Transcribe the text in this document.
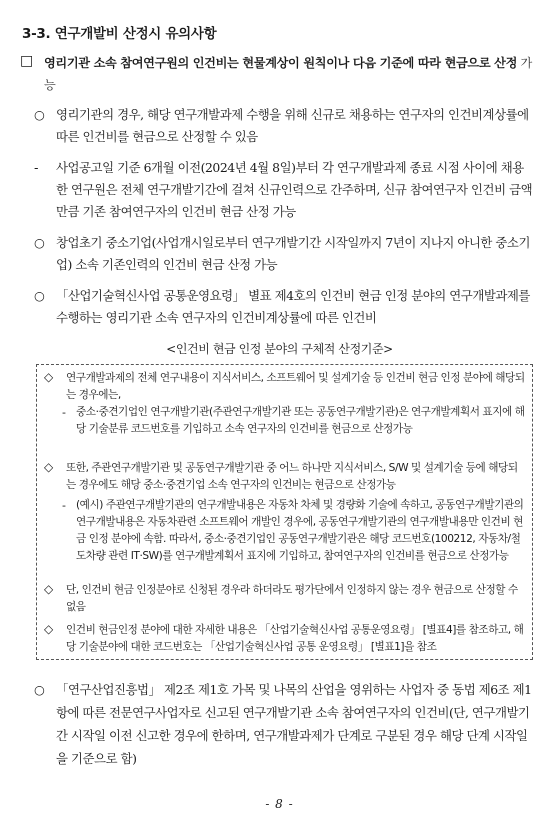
3-3. 연구개발비 산정시 유의사항
□ 영리기관 소속 참여연구원의 인건비는 현물계상이 원칙이나 다음 기준에 따라 현금으로 산정 가능
○ 영리기관의 경우, 해당 연구개발과제 수행을 위해 신규로 채용하는 연구자의 인건비계상률에 따른 인건비를 현금으로 산정할 수 있음
- 사업공고일 기준 6개월 이전(2024년 4월 8일)부터 각 연구개발과제 종료 시점 사이에 채용한 연구원은 전체 연구개발기간에 걸쳐 신규인력으로 간주하며, 신규 참여연구자 인건비 금액만큼 기존 참여연구자의 인건비 현금 산정 가능
○ 창업초기 중소기업(사업개시일로부터 연구개발기간 시작일까지 7년이 지나지 아니한 중소기업) 소속 기존인력의 인건비 현금 산정 가능
○ 「산업기술혁신사업 공통운영요령」 별표 제4호의 인건비 현금 인정 분야의 연구개발과제를 수행하는 영리기관 소속 연구자의 인건비계상률에 따른 인건비
<인건비 현금 인정 분야의 구체적 산정기준>
◇ 연구개발과제의 전체 연구내용이 지식서비스, 소프트웨어 및 설계기술 등 인건비 현금 인정 분야에 해당되는 경우에는,
- 중소·중견기업인 연구개발기관(주관연구개발기관 또는 공동연구개발기관)은 연구개발계획서 표지에 해당 기술분류 코드번호를 기입하고 소속 연구자의 인건비를 현금으로 산정가능
◇ 또한, 주관연구개발기관 및 공동연구개발기관 중 어느 하나만 지식서비스, S/W 및 설계기술 등에 해당되는 경우에도 해당 중소·중견기업 소속 연구자의 인건비는 현금으로 산정가능
- (예시) 주관연구개발기관의 연구개발내용은 자동차 차체 및 경량화 기술에 속하고, 공동연구개발기관의 연구개발내용은 자동차관련 소프트웨어 개발인 경우에, 공동연구개발기관의 연구개발내용만 인건비 현금 인정 분야에 속함. 따라서, 중소·중견기업인 공동연구개발기관은 해당 코드번호(100212, 자동차/철도차량 관련 IT·SW)를 연구개발계획서 표지에 기입하고, 참여연구자의 인건비를 현금으로 산정가능
◇ 단, 인건비 현금 인정분야로 신청된 경우라 하더라도 평가단에서 인정하지 않는 경우 현금으로 산정할 수 없음
◇ 인건비 현금인정 분야에 대한 자세한 내용은 「산업기술혁신사업 공통운영요령」 [별표4]를 참조하고, 해당 기술분야에 대한 코드번호는 「산업기술혁신사업 공통 운영요령」 [별표1]을 참조
○ 「연구산업진흥법」 제2조 제1호 가목 및 나목의 산업을 영위하는 사업자 중 동법 제6조 제1항에 따른 전문연구사업자로 신고된 연구개발기관 소속 참여연구자의 인건비(단, 연구개발기간 시작일 이전 신고한 경우에 한하며, 연구개발과제가 단계로 구분된 경우 해당 단계 시작일을 기준으로 함)
- 8 -
